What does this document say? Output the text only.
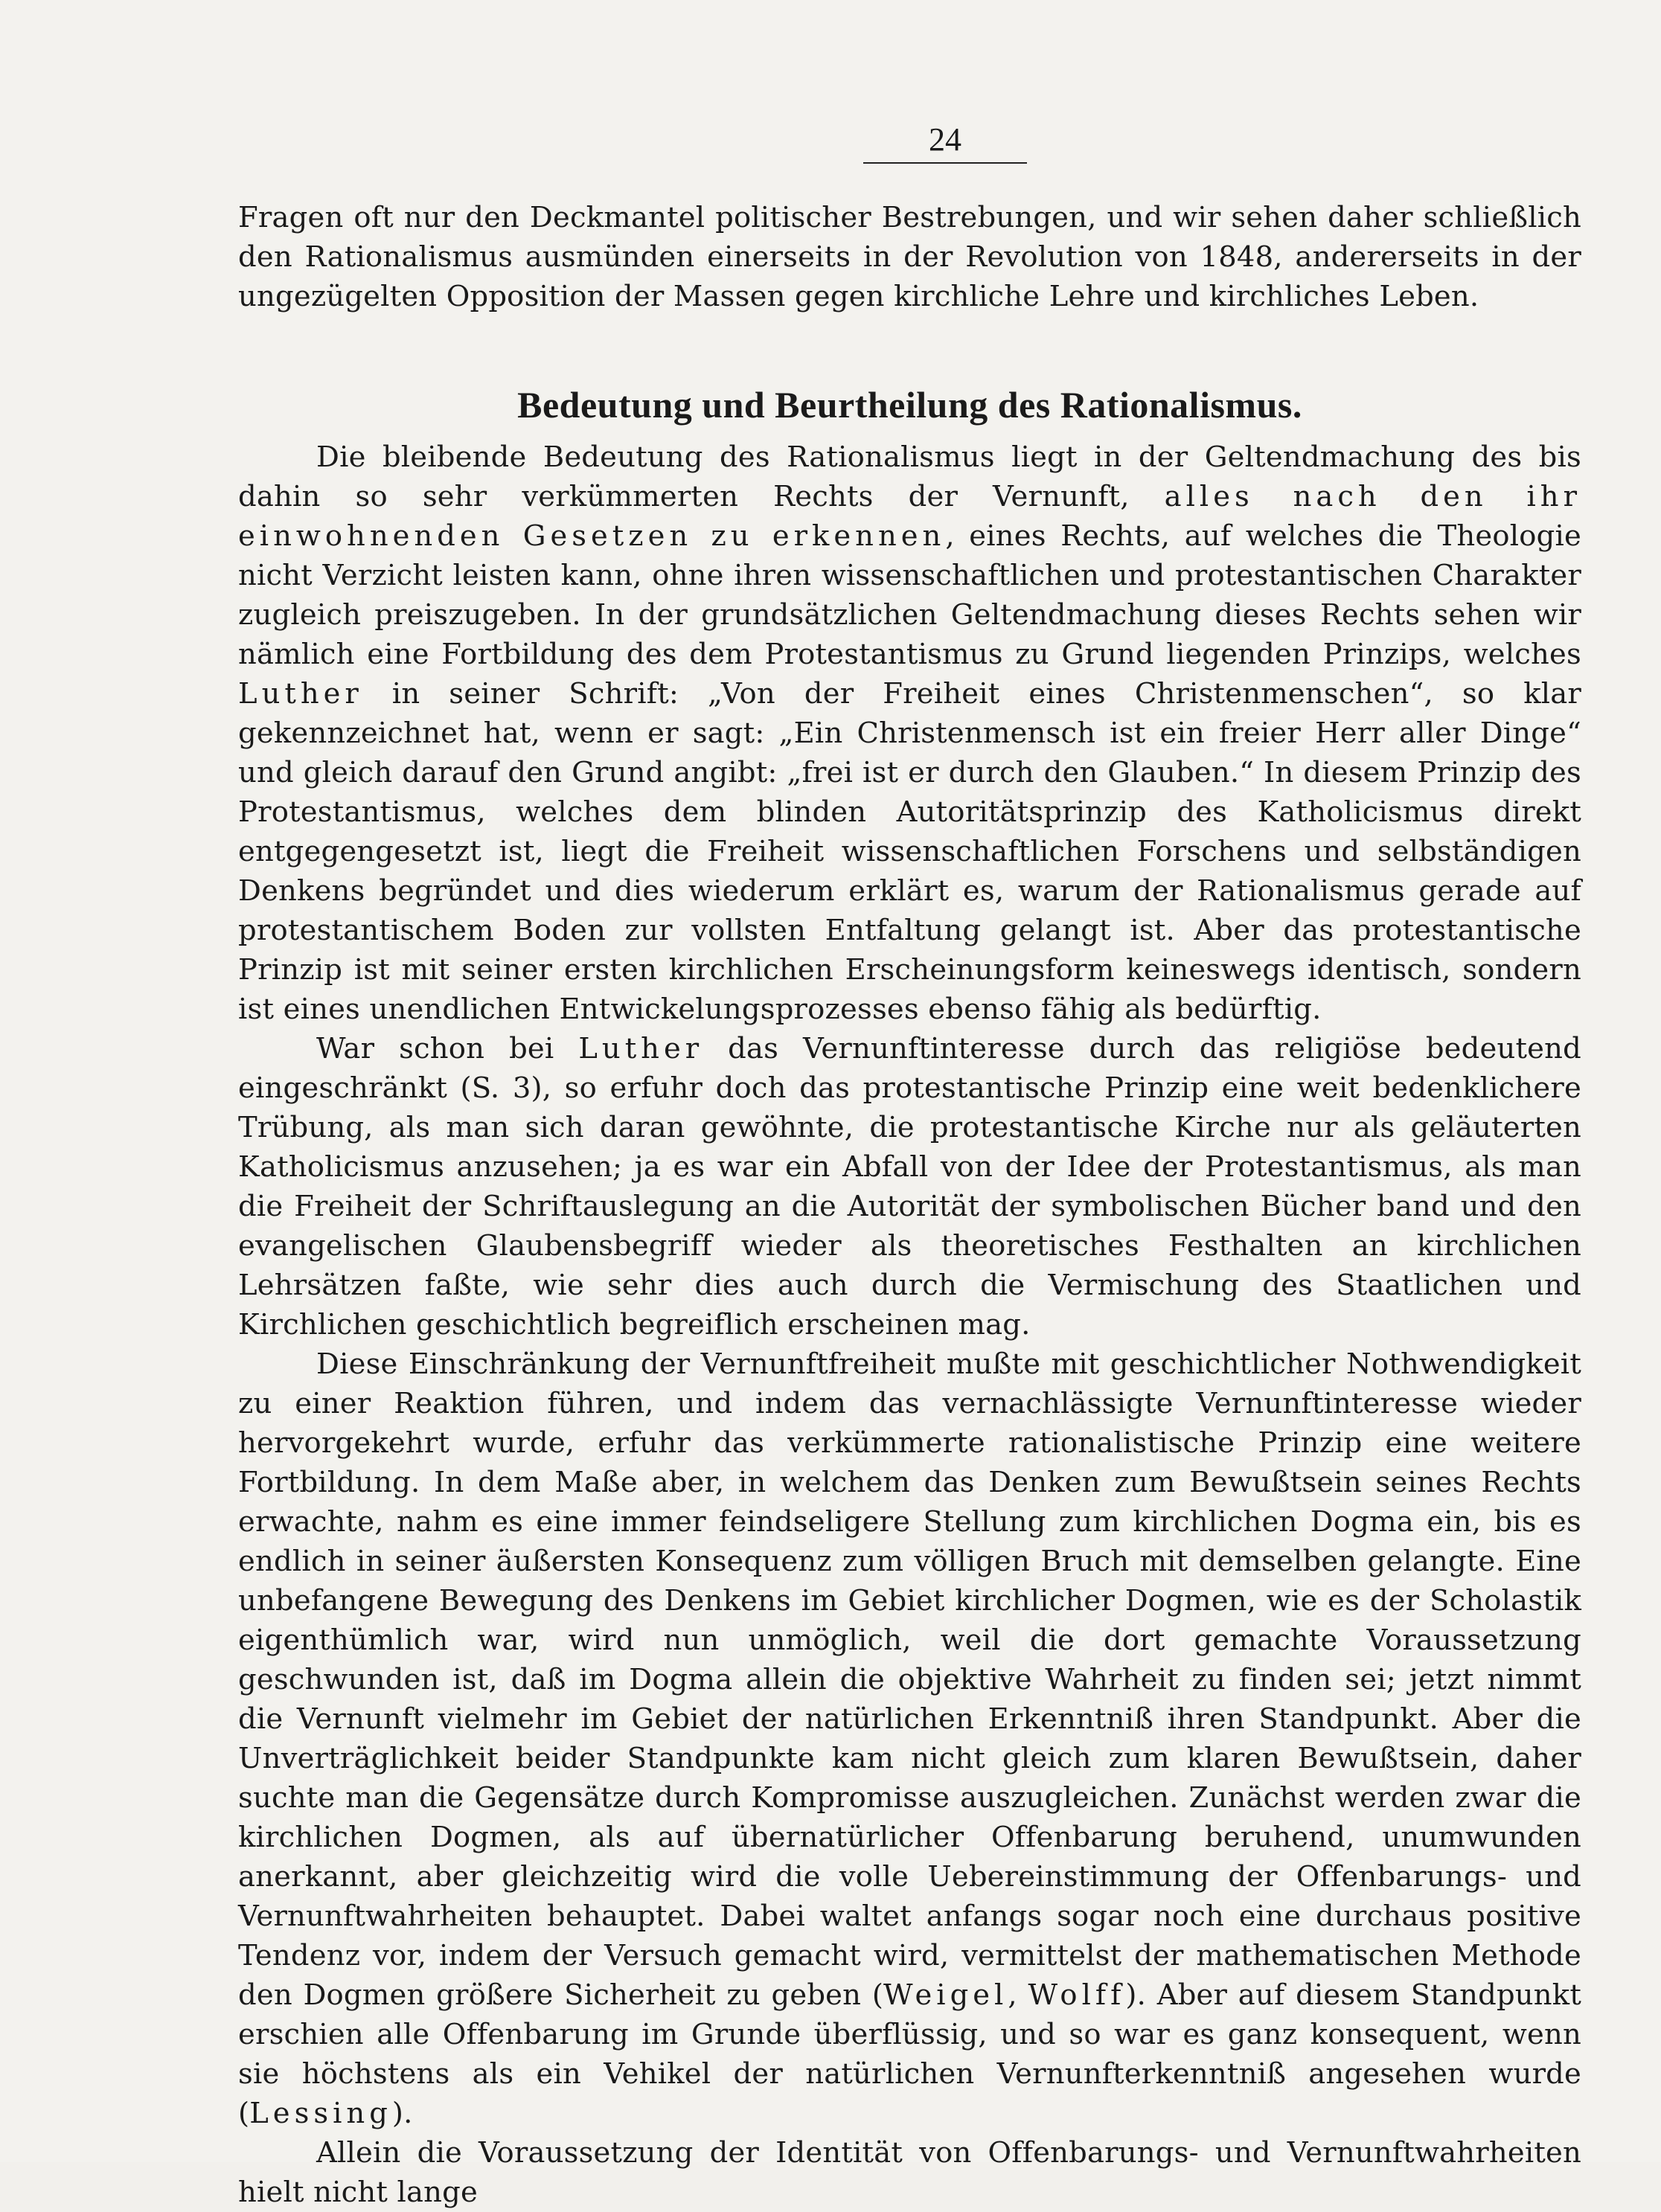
24

Fragen oft nur den Deckmantel politischer Bestrebungen, und wir sehen daher schließlich den Rationalismus ausmünden einerseits in der Revolution von 1848, andererseits in der ungezügelten Opposition der Massen gegen kirchliche Lehre und kirchliches Leben.

Bedeutung und Beurtheilung des Rationalismus.

Die bleibende Bedeutung des Rationalismus liegt in der Geltendmachung des bis dahin so sehr verkümmerten Rechts der Vernunft, alles nach den ihr einwohnenden Gesetzen zu erkennen, eines Rechts, auf welches die Theologie nicht Verzicht leisten kann, ohne ihren wissenschaftlichen und protestantischen Charakter zugleich preiszugeben. In der grundsätzlichen Geltendmachung dieses Rechts sehen wir nämlich eine Fortbildung des dem Protestantismus zu Grund liegenden Prinzips, welches Luther in seiner Schrift: „Von der Freiheit eines Christenmenschen“, so klar gekennzeichnet hat, wenn er sagt: „Ein Christenmensch ist ein freier Herr aller Dinge“ und gleich darauf den Grund angibt: „frei ist er durch den Glauben.“ In diesem Prinzip des Protestantismus, welches dem blinden Autoritätsprinzip des Katholicismus direkt entgegengesetzt ist, liegt die Freiheit wissenschaftlichen Forschens und selbständigen Denkens begründet und dies wiederum erklärt es, warum der Rationalismus gerade auf protestantischem Boden zur vollsten Entfaltung gelangt ist. Aber das protestantische Prinzip ist mit seiner ersten kirchlichen Erscheinungsform keineswegs identisch, sondern ist eines unendlichen Entwickelungsprozesses ebenso fähig als bedürftig.

War schon bei Luther das Vernunftinteresse durch das religiöse bedeutend eingeschränkt (S. 3), so erfuhr doch das protestantische Prinzip eine weit bedenklichere Trübung, als man sich daran gewöhnte, die protestantische Kirche nur als geläuterten Katholicismus anzusehen; ja es war ein Abfall von der Idee der Protestantismus, als man die Freiheit der Schriftauslegung an die Autorität der symbolischen Bücher band und den evangelischen Glaubensbegriff wieder als theoretisches Festhalten an kirchlichen Lehrsätzen faßte, wie sehr dies auch durch die Vermischung des Staatlichen und Kirchlichen geschichtlich begreiflich erscheinen mag.

Diese Einschränkung der Vernunftfreiheit mußte mit geschichtlicher Nothwendigkeit zu einer Reaktion führen, und indem das vernachlässigte Vernunftinteresse wieder hervorgekehrt wurde, erfuhr das verkümmerte rationalistische Prinzip eine weitere Fortbildung. In dem Maße aber, in welchem das Denken zum Bewußtsein seines Rechts erwachte, nahm es eine immer feindseligere Stellung zum kirchlichen Dogma ein, bis es endlich in seiner äußersten Konsequenz zum völligen Bruch mit demselben gelangte. Eine unbefangene Bewegung des Denkens im Gebiet kirchlicher Dogmen, wie es der Scholastik eigenthümlich war, wird nun unmöglich, weil die dort gemachte Voraussetzung geschwunden ist, daß im Dogma allein die objektive Wahrheit zu finden sei; jetzt nimmt die Vernunft vielmehr im Gebiet der natürlichen Erkenntniß ihren Standpunkt. Aber die Unverträglichkeit beider Standpunkte kam nicht gleich zum klaren Bewußtsein, daher suchte man die Gegensätze durch Kompromisse auszugleichen. Zunächst werden zwar die kirchlichen Dogmen, als auf übernatürlicher Offenbarung beruhend, unumwunden anerkannt, aber gleichzeitig wird die volle Uebereinstimmung der Offenbarungs- und Vernunftwahrheiten behauptet. Dabei waltet anfangs sogar noch eine durchaus positive Tendenz vor, indem der Versuch gemacht wird, vermittelst der mathematischen Methode den Dogmen größere Sicherheit zu geben (Weigel, Wolff). Aber auf diesem Standpunkt erschien alle Offenbarung im Grunde überflüssig, und so war es ganz konsequent, wenn sie höchstens als ein Vehikel der natürlichen Vernunfterkenntniß angesehen wurde (Lessing).

Allein die Voraussetzung der Identität von Offenbarungs- und Vernunftwahrheiten hielt nicht lange
